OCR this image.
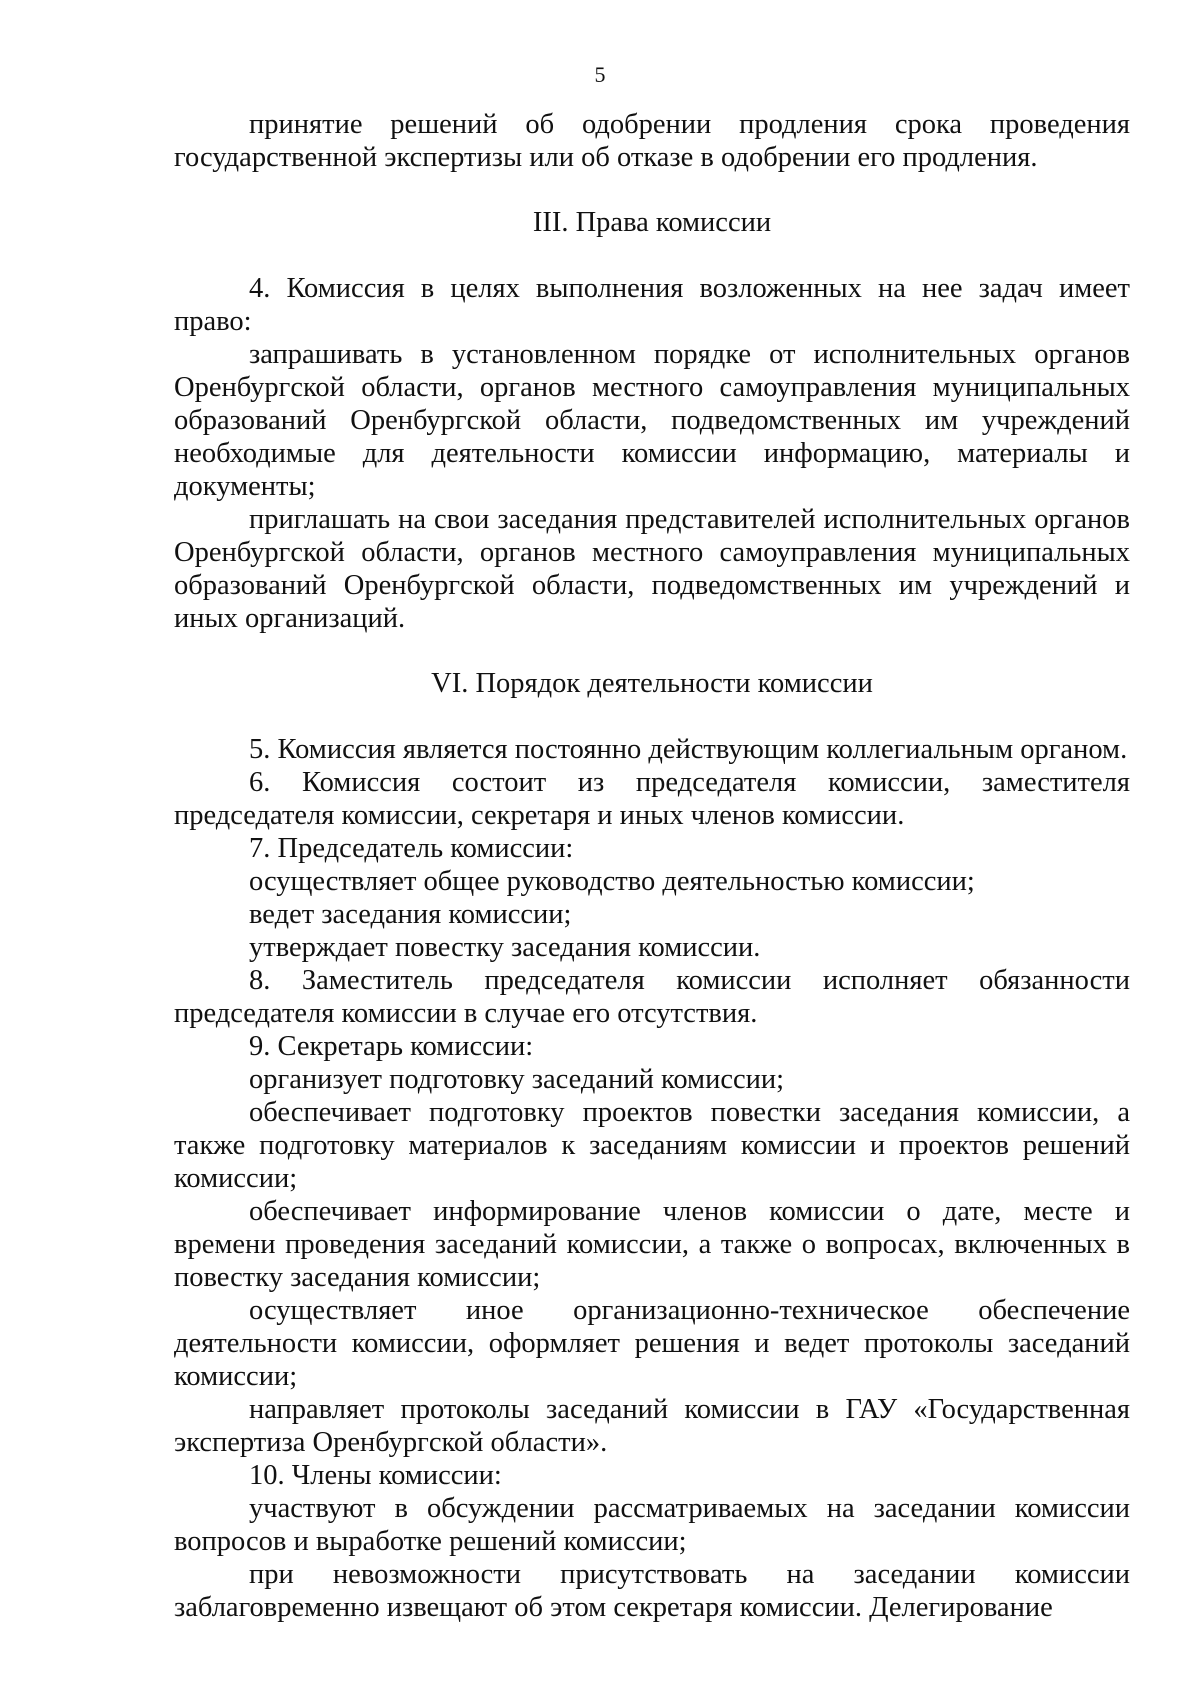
5

принятие решений об одобрении продления срока проведения государственной экспертизы или об отказе в одобрении его продления.

III. Права комиссии

4. Комиссия в целях выполнения возложенных на нее задач имеет право:

запрашивать в установленном порядке от исполнительных органов Оренбургской области, органов местного самоуправления муниципальных образований Оренбургской области, подведомственных им учреждений необходимые для деятельности комиссии информацию, материалы и документы;

приглашать на свои заседания представителей исполнительных органов Оренбургской области, органов местного самоуправления муниципальных образований Оренбургской области, подведомственных им учреждений и иных организаций.

VI. Порядок деятельности комиссии

5. Комиссия является постоянно действующим коллегиальным органом.

6. Комиссия состоит из председателя комиссии, заместителя председателя комиссии, секретаря и иных членов комиссии.

7. Председатель комиссии:

осуществляет общее руководство деятельностью комиссии;

ведет заседания комиссии;

утверждает повестку заседания комиссии.

8. Заместитель председателя комиссии исполняет обязанности председателя комиссии в случае его отсутствия.

9. Секретарь комиссии:

организует подготовку заседаний комиссии;

обеспечивает подготовку проектов повестки заседания комиссии, а также подготовку материалов к заседаниям комиссии и проектов решений комиссии;

обеспечивает информирование членов комиссии о дате, месте и времени проведения заседаний комиссии, а также о вопросах, включенных в повестку заседания комиссии;

осуществляет иное организационно-техническое обеспечение деятельности комиссии, оформляет решения и ведет протоколы заседаний комиссии;

направляет протоколы заседаний комиссии в ГАУ «Государственная экспертиза Оренбургской области».

10. Члены комиссии:

участвуют в обсуждении рассматриваемых на заседании комиссии вопросов и выработке решений комиссии;

при невозможности присутствовать на заседании комиссии заблаговременно извещают об этом секретаря комиссии. Делегирование
